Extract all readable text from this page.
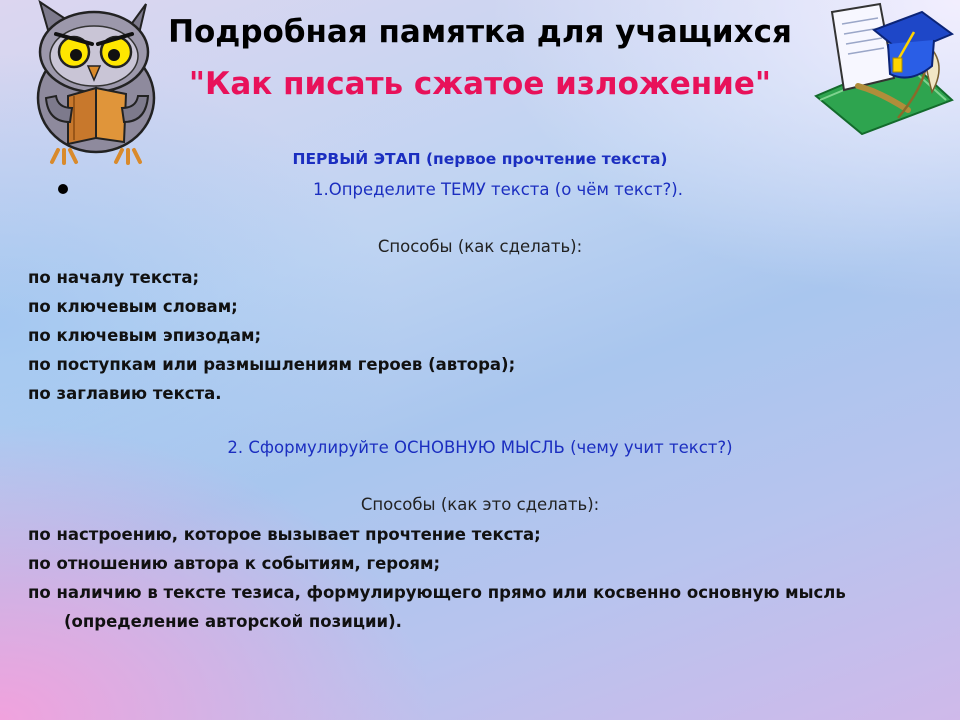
Подробная памятка для учащихся
"Как писать сжатое изложение"
ПЕРВЫЙ ЭТАП (первое прочтение текста)
1.Определите ТЕМУ текста (о чём текст?).
Способы (как сделать):
по началу текста;
по ключевым словам;
по ключевым эпизодам;
по поступкам или размышлениям героев (автора);
по заглавию текста.
2. Сформулируйте ОСНОВНУЮ МЫСЛЬ (чему учит текст?)
Способы (как это сделать):
по настроению, которое вызывает прочтение текста;
по отношению автора к событиям, героям;
по наличию в тексте тезиса, формулирующего прямо или косвенно основную мысль
(определение авторской позиции).
